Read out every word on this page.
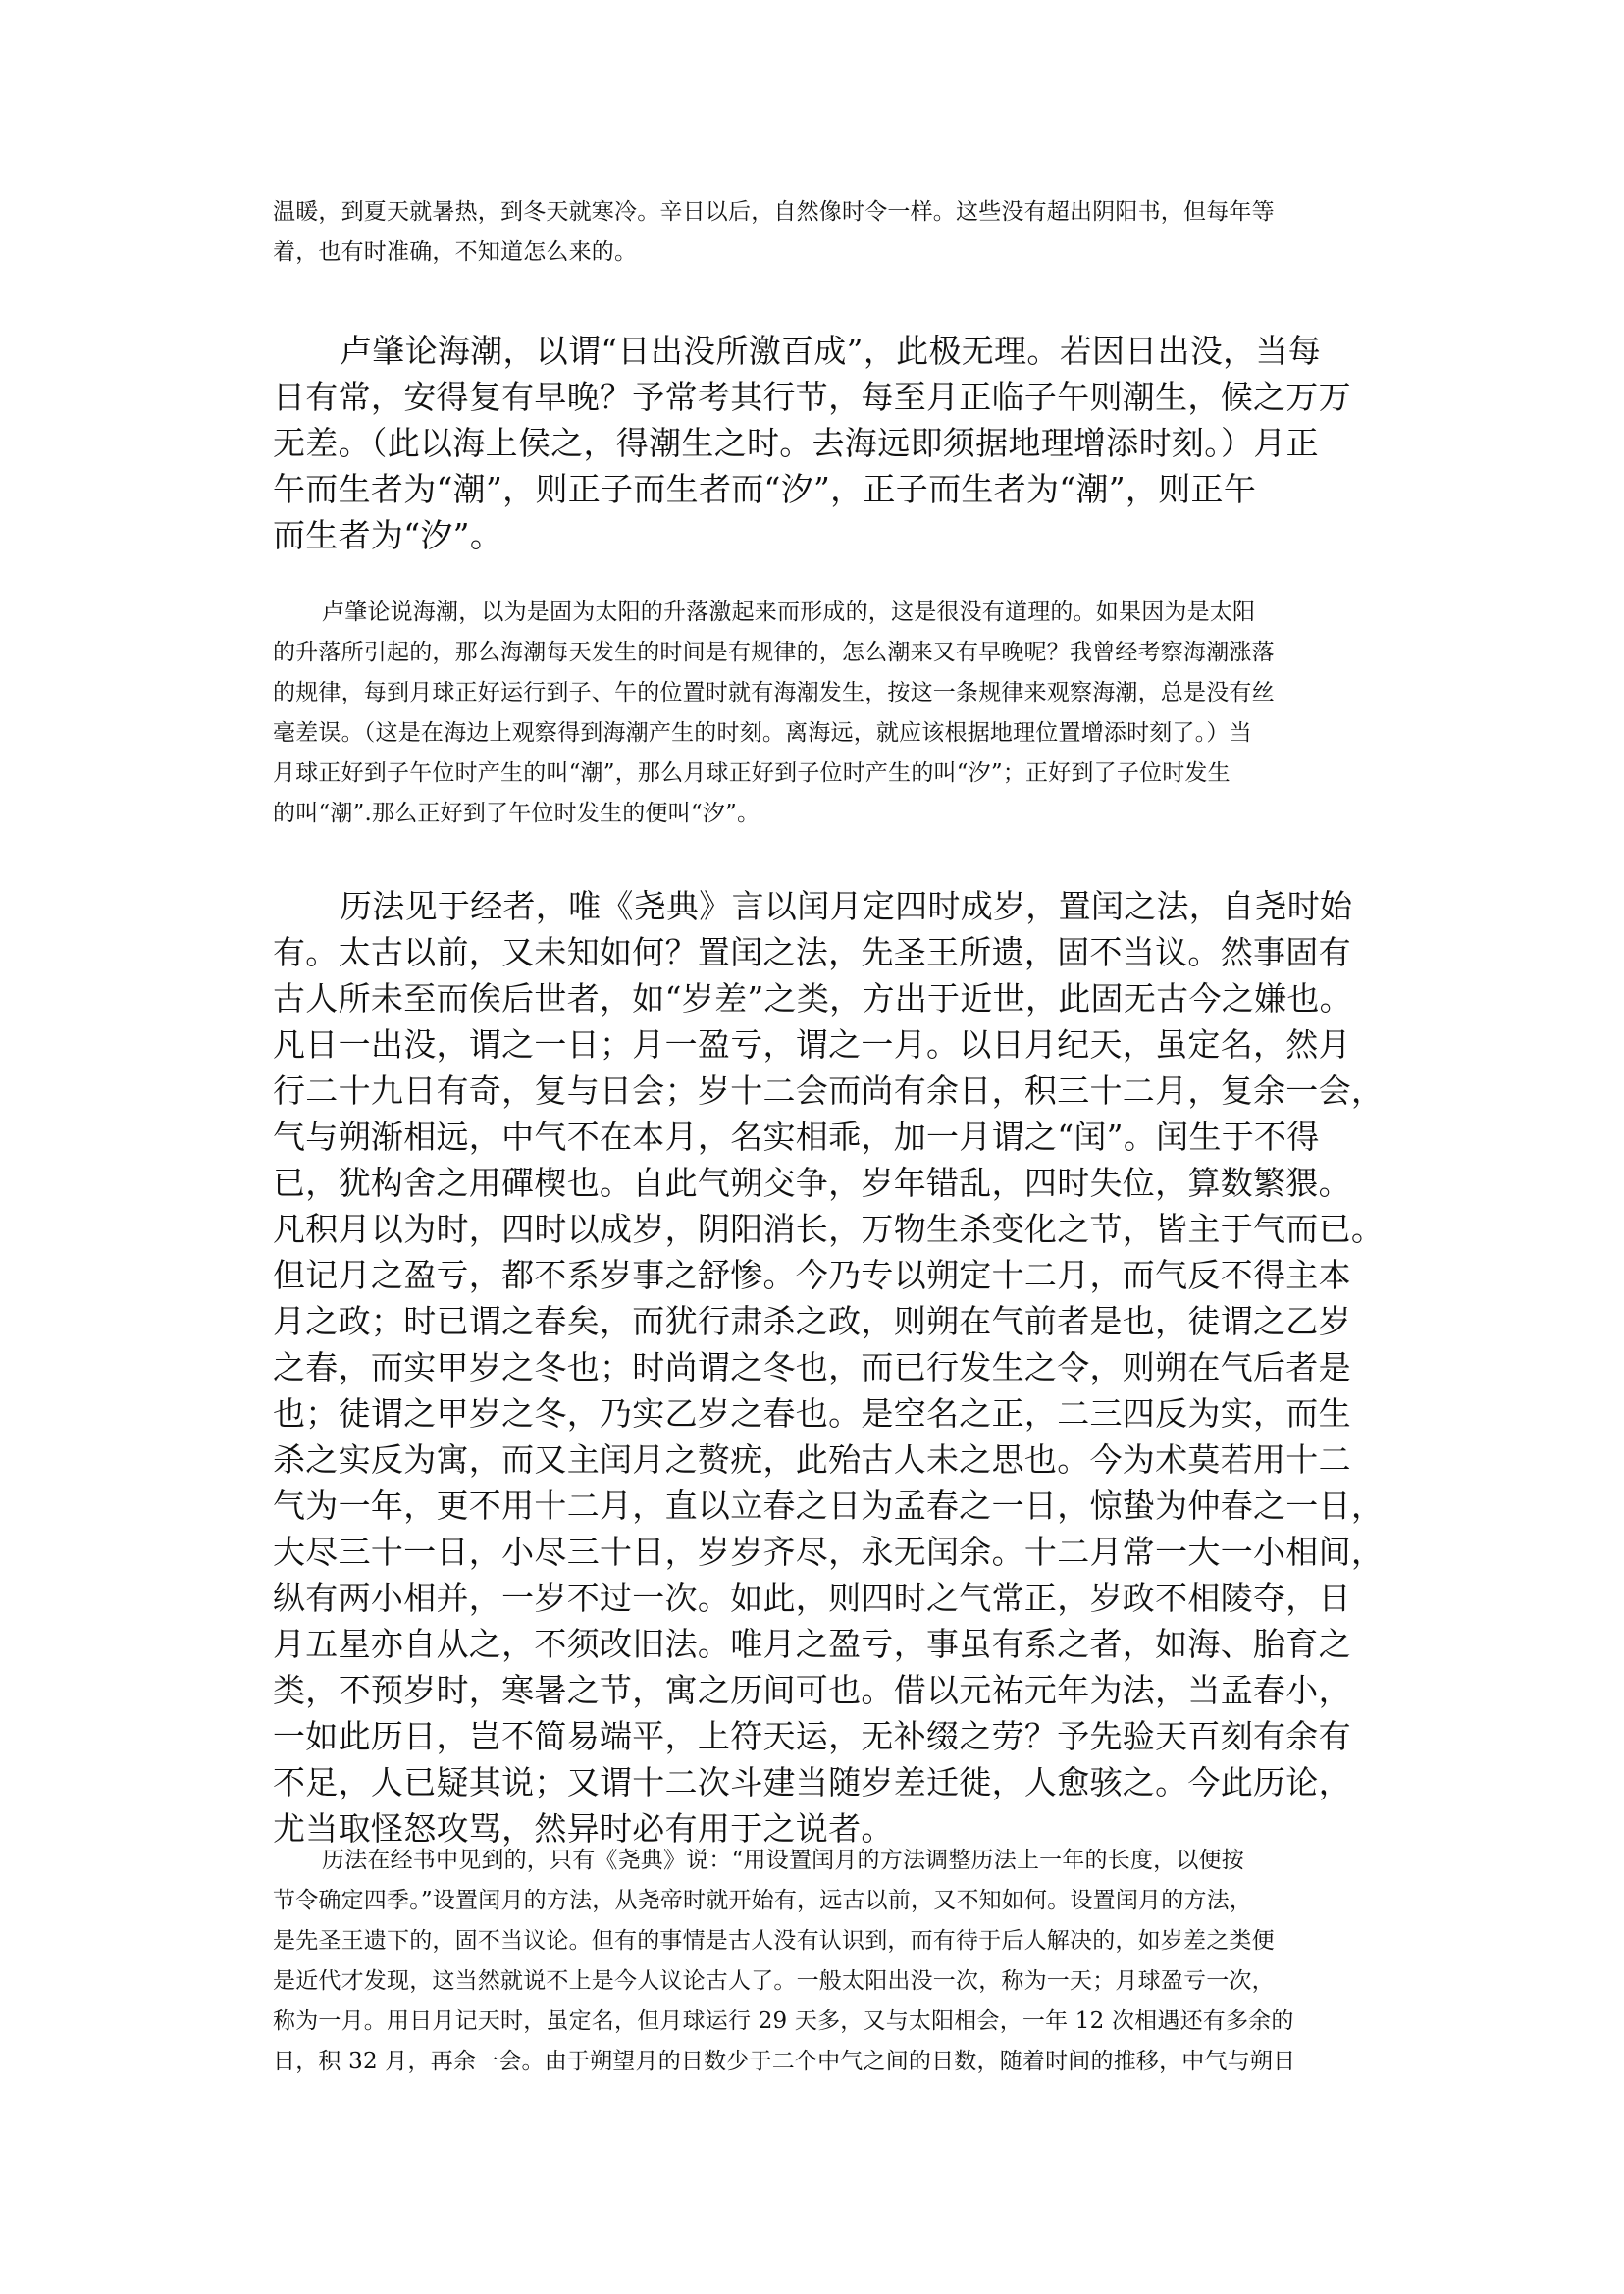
温暖，到夏天就暑热，到冬天就寒冷。辛日以后，自然像时令一样。这些没有超出阴阳书，但每年等
着，也有时准确，不知道怎么来的。
卢肇论海潮，以谓“日出没所激百成”，此极无理。若因日出没，当每
日有常，安得复有早晚？予常考其行节，每至月正临子午则潮生，候之万万
无差。（此以海上侯之，得潮生之时。去海远即须据地理增添时刻。）月正
午而生者为“潮”，则正子而生者而“汐”，正子而生者为“潮”，则正午
而生者为“汐”。
卢肇论说海潮，以为是固为太阳的升落激起来而形成的，这是很没有道理的。如果因为是太阳
的升落所引起的，那么海潮每天发生的时间是有规律的，怎么潮来又有早晚呢？我曾经考察海潮涨落
的规律，每到月球正好运行到子、午的位置时就有海潮发生，按这一条规律来观察海潮，总是没有丝
毫差误。（这是在海边上观察得到海潮产生的时刻。离海远，就应该根据地理位置增添时刻了。）当
月球正好到子午位时产生的叫“潮”，那么月球正好到子位时产生的叫“汐”；正好到了子位时发生
的叫“潮”.那么正好到了午位时发生的便叫“汐”。
历法见于经者，唯《尧典》言以闰月定四时成岁，置闰之法，自尧时始
有。太古以前，又未知如何？置闰之法，先圣王所遗，固不当议。然事固有
古人所未至而俟后世者，如“岁差”之类，方出于近世，此固无古今之嫌也。
凡日一出没，谓之一日；月一盈亏，谓之一月。以日月纪天，虽定名，然月
行二十九日有奇，复与日会；岁十二会而尚有余日，积三十二月，复余一会，
气与朔渐相远，中气不在本月，名实相乖，加一月谓之“闰”。闰生于不得
已，犹构舍之用磾楔也。自此气朔交争，岁年错乱，四时失位，算数繁猥。
凡积月以为时，四时以成岁，阴阳消长，万物生杀变化之节，皆主于气而已。
但记月之盈亏，都不系岁事之舒惨。今乃专以朔定十二月，而气反不得主本
月之政；时已谓之春矣，而犹行肃杀之政，则朔在气前者是也，徒谓之乙岁
之春，而实甲岁之冬也；时尚谓之冬也，而已行发生之令，则朔在气后者是
也；徒谓之甲岁之冬，乃实乙岁之春也。是空名之正，二三四反为实，而生
杀之实反为寓，而又主闰月之赘疣，此殆古人未之思也。今为术莫若用十二
气为一年，更不用十二月，直以立春之日为孟春之一日，惊蛰为仲春之一日，
大尽三十一日，小尽三十日，岁岁齐尽，永无闰余。十二月常一大一小相间，
纵有两小相并，一岁不过一次。如此，则四时之气常正，岁政不相陵夺，日
月五星亦自从之，不须改旧法。唯月之盈亏，事虽有系之者，如海、胎育之
类，不预岁时，寒暑之节，寓之历间可也。借以元祐元年为法，当孟春小，
一如此历日，岂不简易端平，上符天运，无补缀之劳？予先验天百刻有余有
不足，人已疑其说；又谓十二次斗建当随岁差迁徙，人愈骇之。今此历论，
尤当取怪怒攻骂，然异时必有用于之说者。
历法在经书中见到的，只有《尧典》说：“用设置闰月的方法调整历法上一年的长度，以便按
节令确定四季。”设置闰月的方法，从尧帝时就开始有，远古以前，又不知如何。设置闰月的方法，
是先圣王遗下的，固不当议论。但有的事情是古人没有认识到，而有待于后人解决的，如岁差之类便
是近代才发现，这当然就说不上是今人议论古人了。一般太阳出没一次，称为一天；月球盈亏一次，
称为一月。用日月记天时，虽定名，但月球运行 29 天多，又与太阳相会，一年 12 次相遇还有多余的
日，积 32 月，再余一会。由于朔望月的日数少于二个中气之间的日数，随着时间的推移，中气与朔日
